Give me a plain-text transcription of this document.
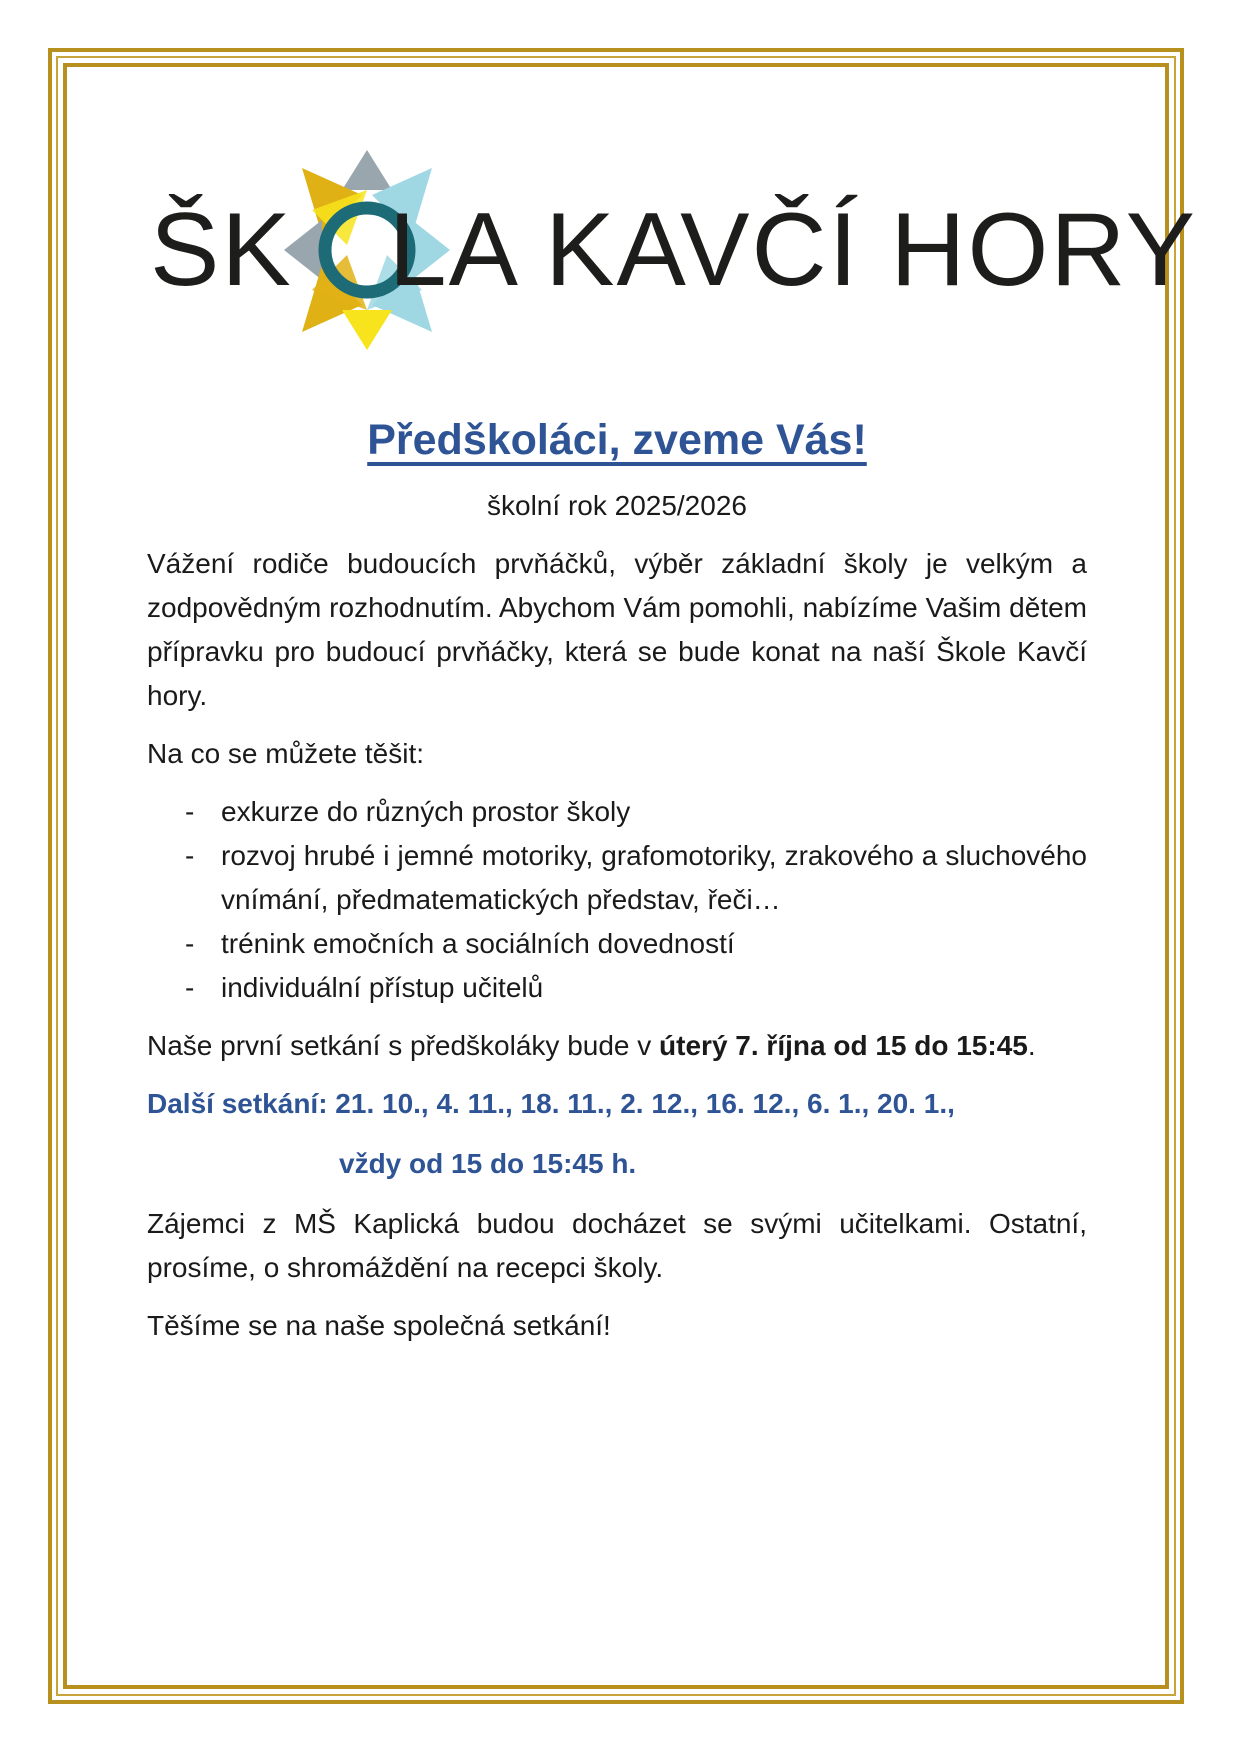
ŠK LA KAVČÍ HORY
Předškoláci, zveme Vás!
školní rok 2025/2026

Vážení rodiče budoucích prvňáčků, výběr základní školy je velkým a zodpovědným rozhodnutím. Abychom Vám pomohli, nabízíme Vašim dětem přípravku pro budoucí prvňáčky, která se bude konat na naší Škole Kavčí hory.

Na co se můžete těšit:

- exkurze do různých prostor školy
- rozvoj hrubé i jemné motoriky, grafomotoriky, zrakového a sluchového vnímání, předmatematických představ, řeči…
- trénink emočních a sociálních dovedností
- individuální přístup učitelů

Naše první setkání s předškoláky bude v úterý 7. října od 15 do 15:45.

Další setkání: 21. 10., 4. 11., 18. 11., 2. 12., 16. 12., 6. 1., 20. 1.,
vždy od 15 do 15:45 h.

Zájemci z MŠ Kaplická budou docházet se svými učitelkami. Ostatní, prosíme, o shromáždění na recepci školy.

Těšíme se na naše společná setkání!
